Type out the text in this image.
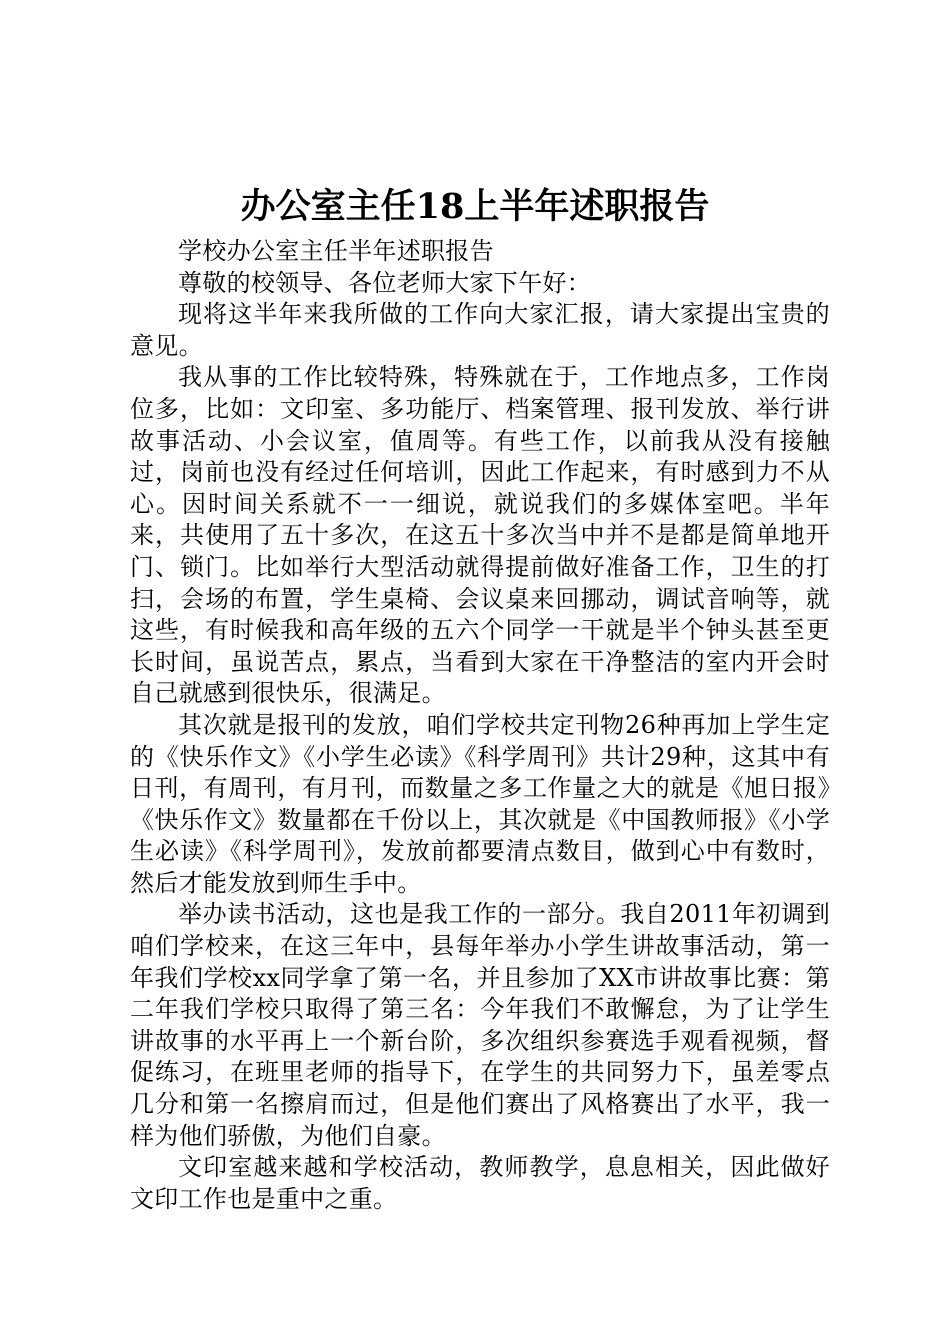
办公室主任18上半年述职报告

学校办公室主任半年述职报告

尊敬的校领导、各位老师大家下午好：

现将这半年来我所做的工作向大家汇报，请大家提出宝贵的意见。

我从事的工作比较特殊，特殊就在于，工作地点多，工作岗位多，比如：文印室、多功能厅、档案管理、报刊发放、举行讲故事活动、小会议室，值周等。有些工作，以前我从没有接触过，岗前也没有经过任何培训，因此工作起来，有时感到力不从心。因时间关系就不一一细说，就说我们的多媒体室吧。半年来，共使用了五十多次，在这五十多次当中并不是都是简单地开门、锁门。比如举行大型活动就得提前做好准备工作，卫生的打扫，会场的布置，学生桌椅、会议桌来回挪动，调试音响等，就这些，有时候我和高年级的五六个同学一干就是半个钟头甚至更长时间，虽说苦点，累点，当看到大家在干净整洁的室内开会时自己就感到很快乐，很满足。

其次就是报刊的发放，咱们学校共定刊物26种再加上学生定的《快乐作文》《小学生必读》《科学周刊》共计29种，这其中有日刊，有周刊，有月刊，而数量之多工作量之大的就是《旭日报》《快乐作文》数量都在千份以上，其次就是《中国教师报》《小学生必读》《科学周刊》，发放前都要清点数目，做到心中有数时，然后才能发放到师生手中。

举办读书活动，这也是我工作的一部分。我自2011年初调到咱们学校来，在这三年中，县每年举办小学生讲故事活动，第一年我们学校xx同学拿了第一名，并且参加了XX市讲故事比赛：第二年我们学校只取得了第三名：今年我们不敢懈怠，为了让学生讲故事的水平再上一个新台阶，多次组织参赛选手观看视频，督促练习，在班里老师的指导下，在学生的共同努力下，虽差零点几分和第一名擦肩而过，但是他们赛出了风格赛出了水平，我一样为他们骄傲，为他们自豪。

文印室越来越和学校活动，教师教学，息息相关，因此做好文印工作也是重中之重。
